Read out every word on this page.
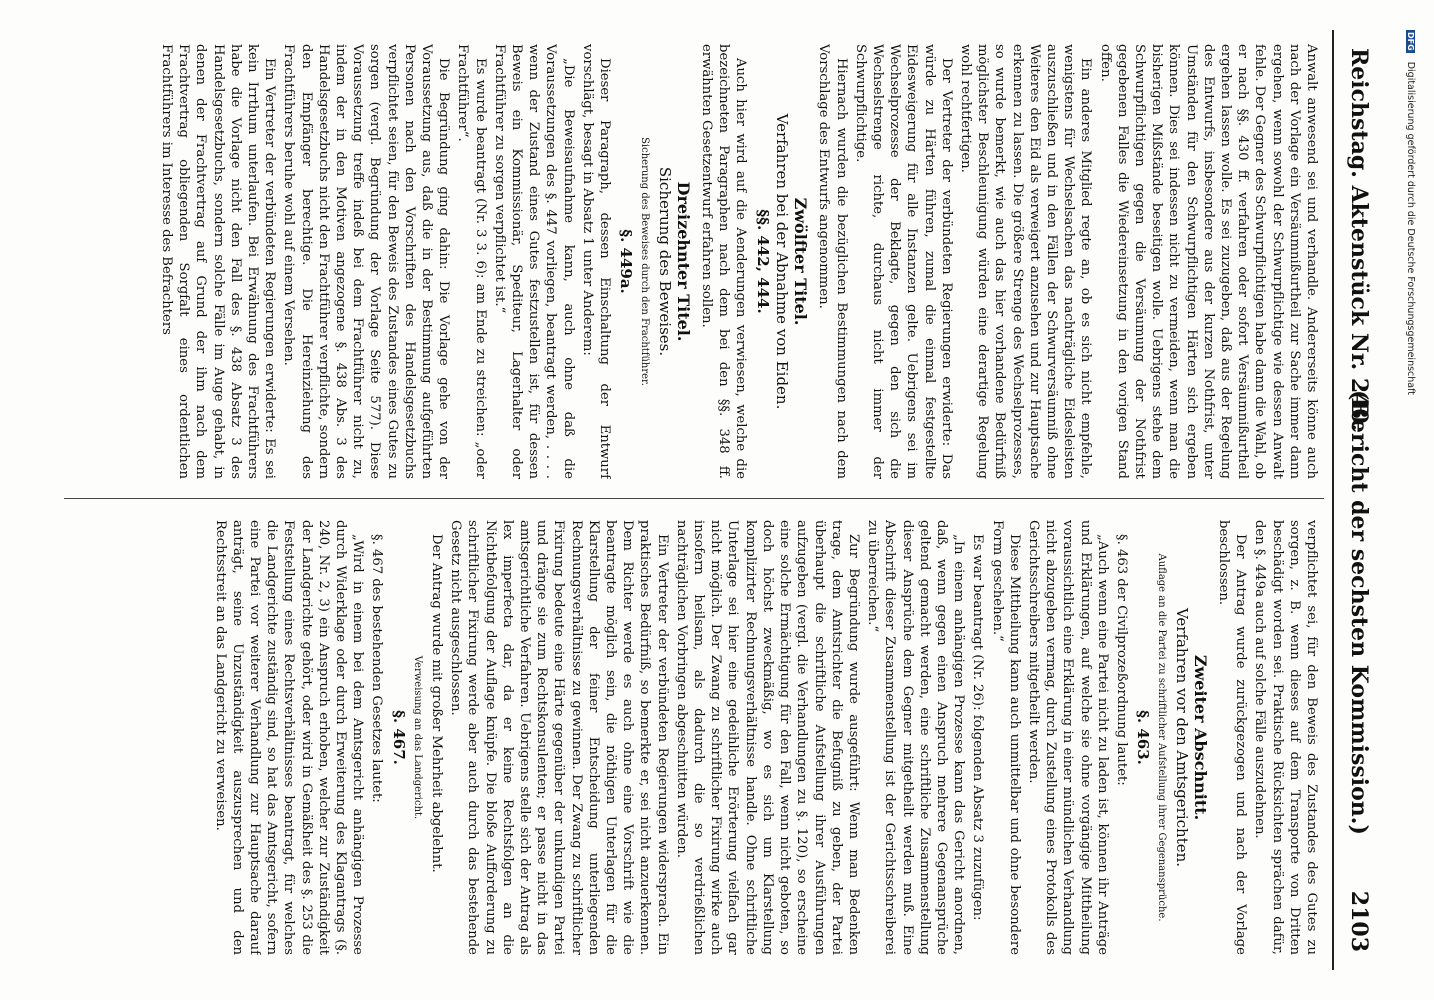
Reichstag. Aktenstück Nr. 240.
(Bericht der sechsten Kommission.)
2103

Anwalt anwesend sei und verhandle. Andererseits könne auch nach der Vorlage ein Versäumnißurtheil zur Sache immer dann ergehen, wenn sowohl der Schwurpflichtige wie dessen Anwalt fehle. Der Gegner des Schwurpflichtigen habe dann die Wahl, ob er nach §§. 430 ff. verfahren oder sofort Versäumnißurtheil ergehen lassen wolle. Es sei zuzugeben, daß aus der Regelung des Entwurfs, insbesondere aus der kurzen Nothfrist, unter Umständen für den Schwurpflichtigen Härten sich ergeben können. Dies sei indessen nicht zu vermeiden, wenn man die bisherigen Mißstände beseitigen wolle. Uebrigens stehe dem Schwurpflichtigen gegen die Versäumung der Nothfrist gegebenen Falles die Wiedereinsetzung in den vorigen Stand offen.

Ein anderes Mitglied regte an, ob es sich nicht empfehle, wenigstens für Wechselsachen das nachträgliche Eidesleisten auszuschließen und in den Fällen der Schwurversäumniß ohne Weiteres den Eid als verweigert anzusehen und zur Hauptsache erkennen zu lassen. Die größere Strenge des Wechselprozesses, so wurde bemerkt, wie auch das hier vorhandene Bedürfniß möglichster Beschleunigung würden eine derartige Regelung wohl rechtfertigen.

Der Vertreter der verbündeten Regierungen erwiderte: Das würde zu Härten führen, zumal die einmal festgestellte Eidesweigerung für alle Instanzen gelte. Uebrigens sei im Wechselprozesse der Beklagte, gegen den sich die Wechselstrenge richte, durchaus nicht immer der Schwurpflichtige.

Hiernach wurden die bezüglichen Bestimmungen nach dem Vorschlage des Entwurfs angenommen.

Zwölfter Titel.
Verfahren bei der Abnahme von Eiden.
§§. 442, 444.

Auch hier wird auf die Aenderungen verwiesen, welche die bezeichneten Paragraphen nach dem bei den §§. 348 ff. erwähnten Gesetzentwurf erfahren sollen.

Dreizehnter Titel.
Sicherung des Beweises.
Sicherung des Beweises durch den Frachtführer.
§. 449a.

Dieser Paragraph, dessen Einschaltung der Entwurf vorschlägt, besagt in Absatz 1 unter Anderem:

„Die Beweisaufnahme kann, auch ohne daß die Voraussetzungen des §. 447 vorliegen, beantragt werden, . . . . wenn der Zustand eines Gutes festzustellen ist, für dessen Beweis ein Kommissionär, Spediteur, Lagerhalter oder Frachtführer zu sorgen verpflichtet ist.“

Es wurde beantragt (Nr. 3 3. 6): am Ende zu streichen: „oder Frachtführer“.

Die Begründung ging dahin: Die Vorlage gehe von der Voraussetzung aus, daß die in der Bestimmung aufgeführten Personen nach den Vorschriften des Handelsgesetzbuchs verpflichtet seien, für den Beweis des Zustandes eines Gutes zu sorgen (vergl. Begründung der Vorlage Seite 577). Diese Voraussetzung treffe indeß bei dem Frachtführer nicht zu, indem der in den Motiven angezogene §. 438 Abs. 3 des Handelsgesetzbuchs nicht den Frachtführer verpflichte, sondern den Empfänger berechtige. Die Hereinziehung des Frachtführers beruhe wohl auf einem Versehen.

Ein Vertreter der verbündeten Regierungen erwiderte: Es sei kein Irrthum unterlaufen. Bei Erwähnung des Frachtführers habe die Vorlage nicht den Fall des §. 438 Absatz 3 des Handelsgesetzbuchs, sondern solche Fälle im Auge gehabt, in denen der Frachtvertrag auf Grund der ihm nach dem Frachtvertrag obliegenden Sorgfalt eines ordentlichen Frachtführers im Interesse des Befrachters

verpflichtet sei, für den Beweis des Zustandes des Gutes zu sorgen, z. B. wenn dieses auf dem Transporte von Dritten beschädigt worden sei. Praktische Rücksichten sprächen dafür, den §. 449a auch auf solche Fälle auszudehnen.

Der Antrag wurde zurückgezogen und nach der Vorlage beschlossen.

Zweiter Abschnitt.
Verfahren vor den Amtsgerichten.
Auflage an die Partei zu schriftlicher Aufstellung ihrer Gegenansprüche.
§. 463.

§. 463 der Civilprozeßordnung lautet:

„Auch wenn eine Partei nicht zu laden ist, können ihr Anträge und Erklärungen, auf welche sie ohne vorgängige Mittheilung voraussichtlich eine Erklärung in einer mündlichen Verhandlung nicht abzugeben vermag, durch Zustellung eines Protokolls des Gerichtsschreibers mitgetheilt werden.

Diese Mittheilung kann auch unmittelbar und ohne besondere Form geschehen.“

Es war beantragt (Nr. 26): folgenden Absatz 3 zuzufügen:

„In einem anhängigen Prozesse kann das Gericht anordnen, daß, wenn gegen einen Anspruch mehrere Gegenansprüche geltend gemacht werden, eine schriftliche Zusammenstellung dieser Ansprüche dem Gegner mitgetheilt werden muß. Eine Abschrift dieser Zusammenstellung ist der Gerichtsschreiberei zu überreichen.“

Zur Begründung wurde ausgeführt: Wenn man Bedenken trage, dem Amtsrichter die Befugniß zu geben, der Partei überhaupt die schriftliche Aufstellung ihrer Ausführungen aufzugeben (vergl. die Verhandlungen zu §. 120), so erscheine eine solche Ermächtigung für den Fall, wenn nicht geboten, so doch höchst zweckmäßig, wo es sich um Klarstellung komplizirter Rechnungsverhältnisse handle. Ohne schriftliche Unterlage sei hier eine gedeihliche Erörterung vielfach gar nicht möglich. Der Zwang zu schriftlicher Fixirung wirke auch insofern heilsam, als dadurch die so verdrießlichen nachträglichen Vorbringen abgeschnitten würden.

Ein Vertreter der verbündeten Regierungen widersprach. Ein praktisches Bedürfniß, so bemerkte er, sei nicht anzuerkennen. Dem Richter werde es auch ohne eine Vorschrift wie die beantragte möglich sein, die nöthigen Unterlagen für die Klarstellung der feiner Entscheidung unterliegenden Rechnungsverhältnisse zu gewinnen. Der Zwang zu schriftlicher Fixirung bedeute eine Härte gegenüber der unkundigen Partei und dränge sie zum Rechtskonsulenten; er passe nicht in das amtsgerichtliche Verfahren. Uebrigens stelle sich der Antrag als lex imperfecta dar, da er keine Rechtsfolgen an die Nichtbefolgung der Auflage knüpfe. Die bloße Aufforderung zu schriftlicher Fixirung werde aber auch durch das bestehende Gesetz nicht ausgeschlossen.

Der Antrag wurde mit großer Mehrheit abgelehnt.

Verweisung an das Landgericht.
§. 467.

§. 467 des bestehenden Gesetzes lautet:

„Wird in einem bei dem Amtsgericht anhängigen Prozesse durch Widerklage oder durch Erweiterung des Klagantrags (§. 240, Nr. 2, 3) ein Anspruch erhoben, welcher zur Zuständigkeit der Landgerichte gehört, oder wird in Gemäßheit des §. 253 die Feststellung eines Rechtsverhältnisses beantragt, für welches die Landgerichte zuständig sind, so hat das Amtsgericht, sofern eine Partei vor weiterer Verhandlung zur Hauptsache darauf anträgt, seine Unzuständigkeit auszusprechen und den Rechtsstreit an das Landgericht zu verweisen.

DFG Digitalisierung gefördert durch die Deutsche Forschungsgemeinschaft
